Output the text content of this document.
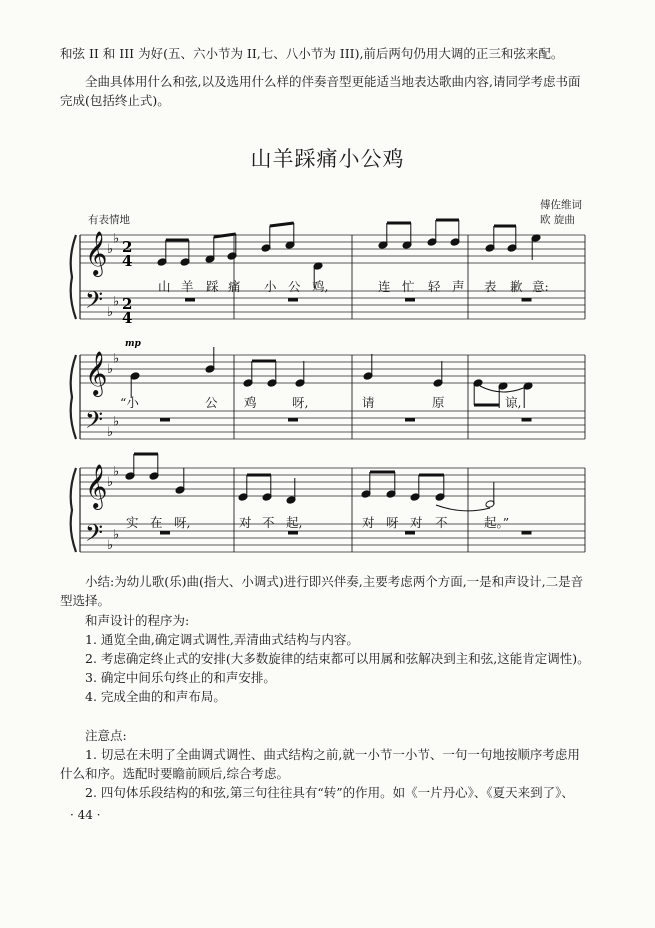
和弦 II 和 III 为好(五、六小节为 II,七、八小节为 III),前后两句仍用大调的正三和弦来配。
全曲具体用什么和弦,以及选用什么样的伴奏音型更能适当地表达歌曲内容,请同学考虑书面完成(包括终止式)。
山羊踩痛小公鸡
傅佐维词
欧 旋曲
有表情地
𝄞
𝄢
♭
♭
♭
♭
𝄞
𝄢
♭
♭
♭
♭
𝄞
𝄢
♭
♭
♭
♭
2
4
2
4
mp
山 羊 踩 痛 小 公 鸡,	连 忙 轻 声 表 歉 意:
“小	公 鸡	呀,	请	原	谅,
实 在 呀,	对 不 起,	对 呀 对 不	起。”

小结:为幼儿歌(乐)曲(指大、小调式)进行即兴伴奏,主要考虑两个方面,一是和声设计,二是音型选择。

和声设计的程序为:

1. 通览全曲,确定调式调性,弄清曲式结构与内容。

2. 考虑确定终止式的安排(大多数旋律的结束都可以用属和弦解决到主和弦,这能肯定调性)。

3. 确定中间乐句终止的和声安排。

4. 完成全曲的和声布局。

注意点:

1. 切忌在未明了全曲调式调性、曲式结构之前,就一小节一小节、一句一句地按顺序考虑用什么和序。选配时要瞻前顾后,综合考虑。

2. 四句体乐段结构的和弦,第三句往往具有“转”的作用。如《一片丹心》、《夏天来到了》、

· 44 ·
